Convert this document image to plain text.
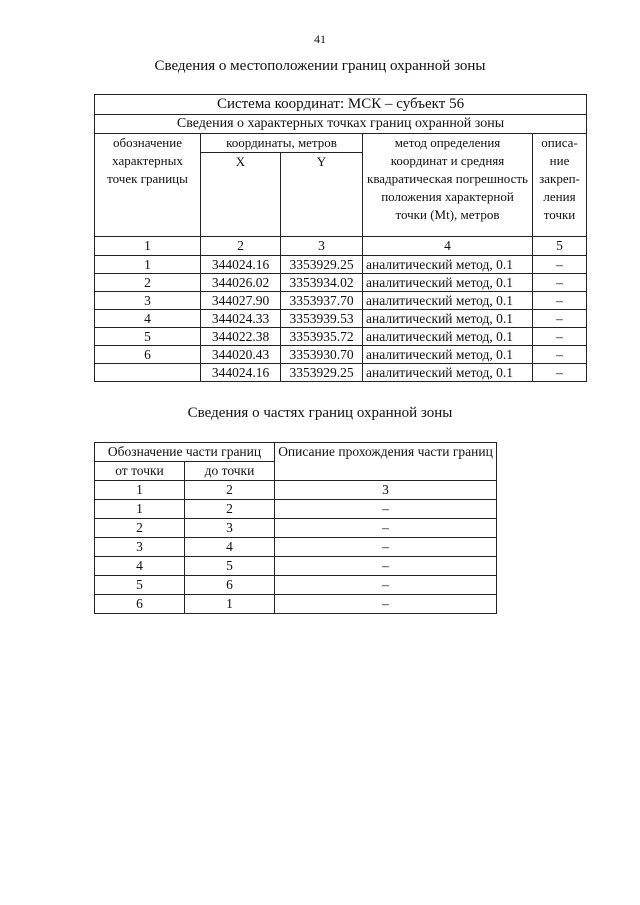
41
Сведения о местоположении границ охранной зоны
Система координат: МСК – субъект 56				
Сведения о характерных точках границ охранной зоны				
обозначение характерных точек границы	координаты, метров		метод определения координат и средняя квадратическая погрешность положения характерной точки (Mt), метров	описа-ние закреп-ления точки
	X	Y		
1	2	3	4	5
1	344024.16	3353929.25	аналитический метод, 0.1	–
2	344026.02	3353934.02	аналитический метод, 0.1	–
3	344027.90	3353937.70	аналитический метод, 0.1	–
4	344024.33	3353939.53	аналитический метод, 0.1	–
5	344022.38	3353935.72	аналитический метод, 0.1	–
6	344020.43	3353930.70	аналитический метод, 0.1	–
	344024.16	3353929.25	аналитический метод, 0.1	–
Сведения о частях границ охранной зоны
Обозначение части границ		Описание прохождения части границ
от точки	до точки	
1	2	3
1	2	–
2	3	–
3	4	–
4	5	–
5	6	–
6	1	–
